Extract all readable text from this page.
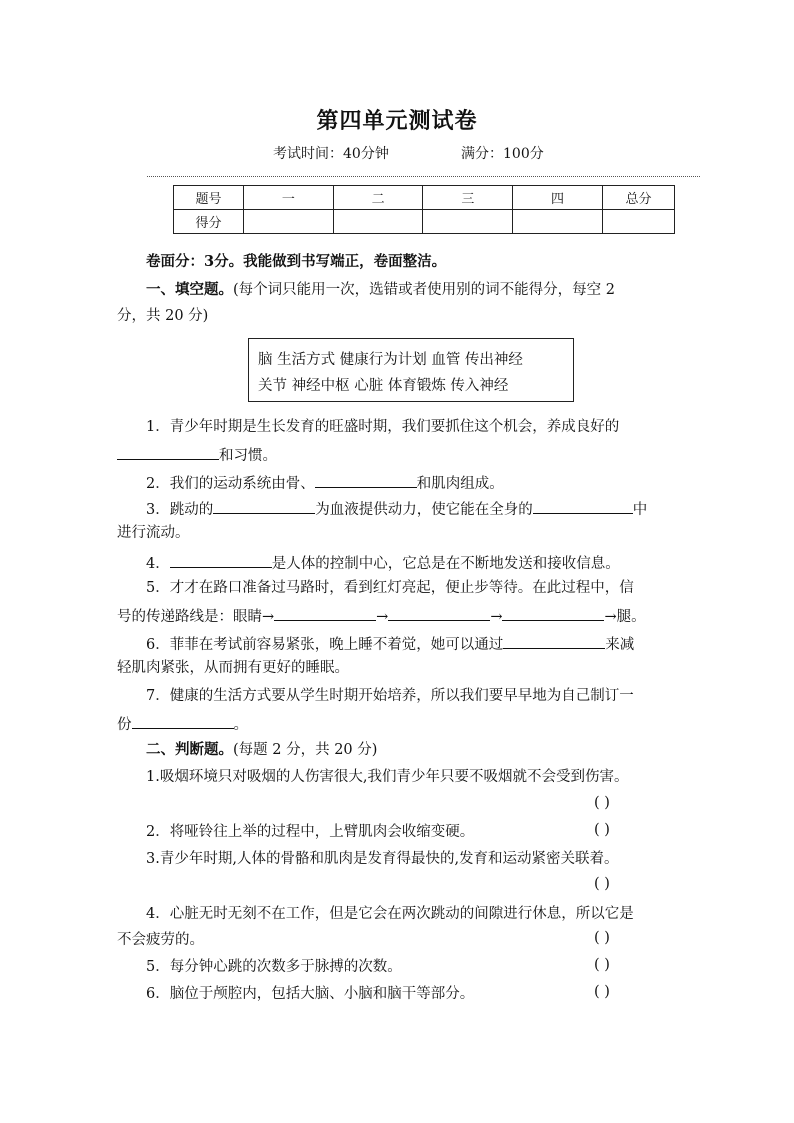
第四单元测试卷
考试时间：40分钟	满分：100分
题号	一	二	三	四	总分
得分					
卷面分：3分。我能做到书写端正，卷面整洁。
一、填空题。(每个词只能用一次，选错或者使用别的词不能得分，每空 2
分，共 20 分)
脑 生活方式 健康行为计划 血管 传出神经
关节 神经中枢 心脏 体育锻炼 传入神经
1．青少年时期是生长发育的旺盛时期，我们要抓住这个机会，养成良好的
和习惯。
2．我们的运动系统由骨、	和肌肉组成。
3．跳动的	为血液提供动力，使它能在全身的	中
进行流动。
4．	是人体的控制中心，它总是在不断地发送和接收信息。
5．才才在路口准备过马路时，看到红灯亮起，便止步等待。在此过程中，信
号的传递路线是：眼睛→	→	→	→腿。
6．菲菲在考试前容易紧张，晚上睡不着觉，她可以通过	来减
轻肌肉紧张，从而拥有更好的睡眠。
7．健康的生活方式要从学生时期开始培养，所以我们要早早地为自己制订一
份	。
二、判断题。(每题 2 分，共 20 分)
1.吸烟环境只对吸烟的人伤害很大,我们青少年只要不吸烟就不会受到伤害。
( )
2．将哑铃往上举的过程中，上臂肌肉会收缩变硬。	( )
3.青少年时期,人体的骨骼和肌肉是发育得最快的,发育和运动紧密关联着。
( )
4．心脏无时无刻不在工作，但是它会在两次跳动的间隙进行休息，所以它是
不会疲劳的。	( )
5．每分钟心跳的次数多于脉搏的次数。	( )
6．脑位于颅腔内，包括大脑、小脑和脑干等部分。	( )
